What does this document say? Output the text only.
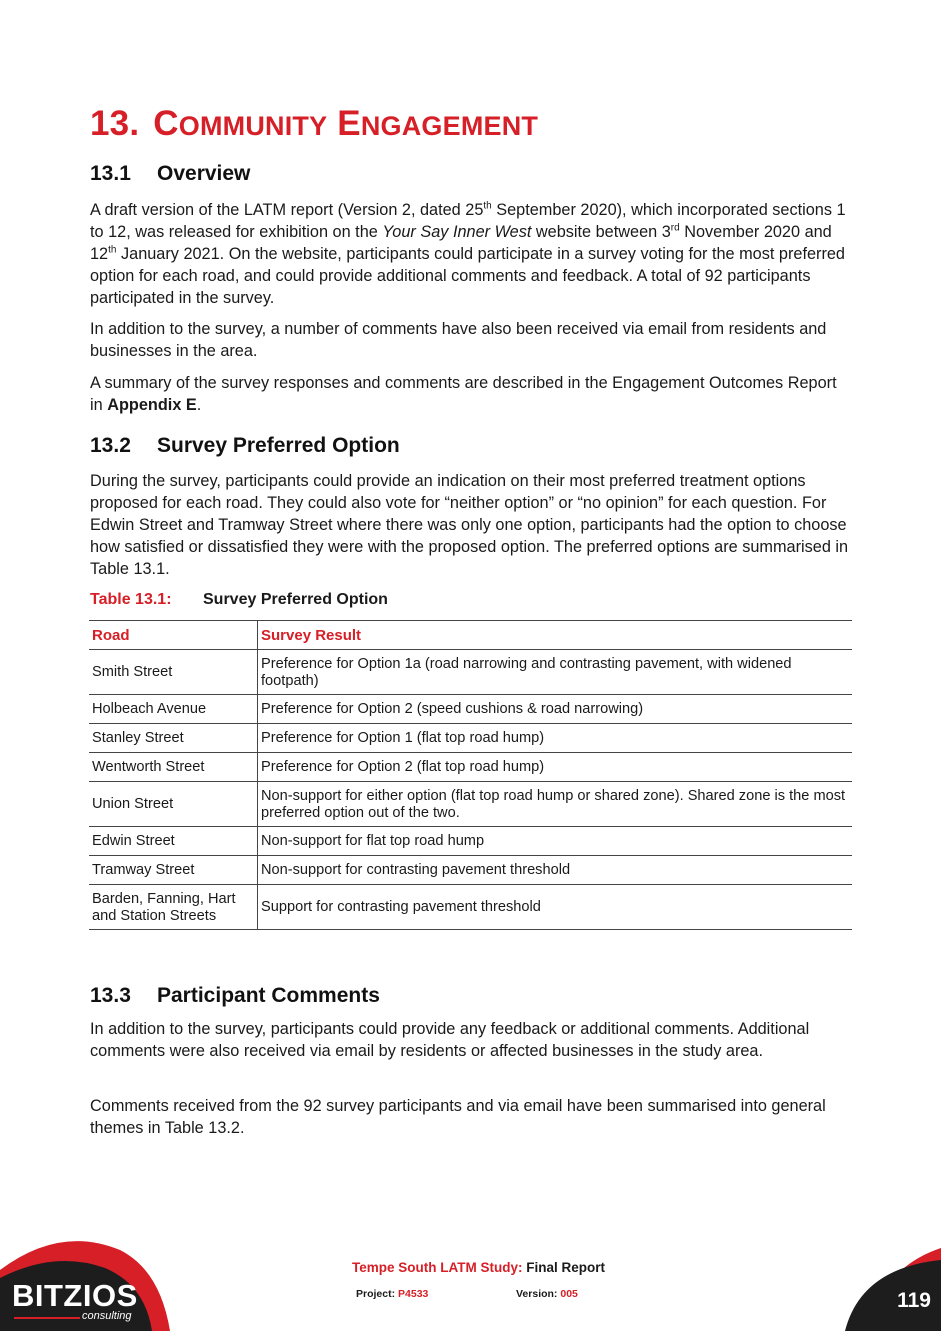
13. COMMUNITY ENGAGEMENT
13.1 Overview

A draft version of the LATM report (Version 2, dated 25th September 2020), which incorporated sections 1 to 12, was released for exhibition on the Your Say Inner West website between 3rd November 2020 and 12th January 2021. On the website, participants could participate in a survey voting for the most preferred option for each road, and could provide additional comments and feedback. A total of 92 participants participated in the survey.

In addition to the survey, a number of comments have also been received via email from residents and businesses in the area.

A summary of the survey responses and comments are described in the Engagement Outcomes Report in Appendix E.

13.2 Survey Preferred Option

During the survey, participants could provide an indication on their most preferred treatment options proposed for each road. They could also vote for “neither option” or “no opinion” for each question. For Edwin Street and Tramway Street where there was only one option, participants had the option to choose how satisfied or dissatisfied they were with the proposed option. The preferred options are summarised in Table 13.1.

Table 13.1: Survey Preferred Option
Road	Survey Result
Smith Street	Preference for Option 1a (road narrowing and contrasting pavement, with widened footpath)
Holbeach Avenue	Preference for Option 2 (speed cushions & road narrowing)
Stanley Street	Preference for Option 1 (flat top road hump)
Wentworth Street	Preference for Option 2 (flat top road hump)
Union Street	Non-support for either option (flat top road hump or shared zone). Shared zone is the most preferred option out of the two.
Edwin Street	Non-support for flat top road hump
Tramway Street	Non-support for contrasting pavement threshold
Barden, Fanning, Hart and Station Streets	Support for contrasting pavement threshold
13.3 Participant Comments

In addition to the survey, participants could provide any feedback or additional comments. Additional comments were also received via email by residents or affected businesses in the study area.

Comments received from the 92 survey participants and via email have been summarised into general themes in Table 13.2.

BITZIOS
consulting
Tempe South LATM Study: Final Report
Project: P4533	Version: 005	119
